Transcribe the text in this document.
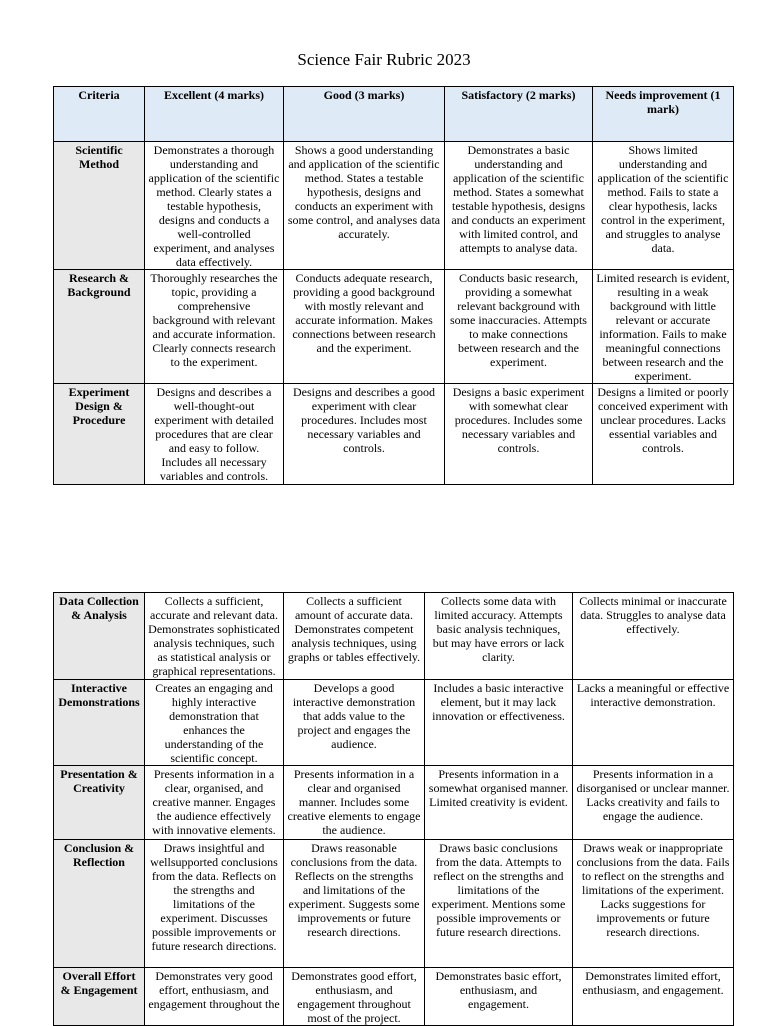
Science Fair Rubric 2023
Criteria	Excellent (4 marks)	Good (3 marks)	Satisfactory (2 marks)	Needs improvement (1 mark)
Scientific Method	Demonstrates a thorough understanding and application of the scientific method. Clearly states a testable hypothesis, designs and conducts a well-controlled experiment, and analyses data effectively.	Shows a good understanding and application of the scientific method. States a testable hypothesis, designs and conducts an experiment with some control, and analyses data accurately.	Demonstrates a basic understanding and application of the scientific method. States a somewhat testable hypothesis, designs and conducts an experiment with limited control, and attempts to analyse data.	Shows limited understanding and application of the scientific method. Fails to state a clear hypothesis, lacks control in the experiment, and struggles to analyse data.
Research & Background	Thoroughly researches the topic, providing a comprehensive background with relevant and accurate information. Clearly connects research to the experiment.	Conducts adequate research, providing a good background with mostly relevant and accurate information. Makes connections between research and the experiment.	Conducts basic research, providing a somewhat relevant background with some inaccuracies. Attempts to make connections between research and the experiment.	Limited research is evident, resulting in a weak background with little relevant or accurate information. Fails to make meaningful connections between research and the experiment.
Experiment Design & Procedure	Designs and describes a well-thought-out experiment with detailed procedures that are clear and easy to follow. Includes all necessary variables and controls.	Designs and describes a good experiment with clear procedures. Includes most necessary variables and controls.	Designs a basic experiment with somewhat clear procedures. Includes some necessary variables and controls.	Designs a limited or poorly conceived experiment with unclear procedures. Lacks essential variables and controls.
Data Collection & Analysis	Collects a sufficient, accurate and relevant data. Demonstrates sophisticated analysis techniques, such as statistical analysis or graphical representations.	Collects a sufficient amount of accurate data. Demonstrates competent analysis techniques, using graphs or tables effectively.	Collects some data with limited accuracy. Attempts basic analysis techniques, but may have errors or lack clarity.	Collects minimal or inaccurate data. Struggles to analyse data effectively.
Interactive Demonstrations	Creates an engaging and highly interactive demonstration that enhances the understanding of the scientific concept.	Develops a good interactive demonstration that adds value to the project and engages the audience.	Includes a basic interactive element, but it may lack innovation or effectiveness.	Lacks a meaningful or effective interactive demonstration.
Presentation & Creativity	Presents information in a clear, organised, and creative manner. Engages the audience effectively with innovative elements.	Presents information in a clear and organised manner. Includes some creative elements to engage the audience.	Presents information in a somewhat organised manner. Limited creativity is evident.	Presents information in a disorganised or unclear manner. Lacks creativity and fails to engage the audience.
Conclusion & Reflection	Draws insightful and wellsupported conclusions from the data. Reflects on the strengths and limitations of the experiment. Discusses possible improvements or future research directions.	Draws reasonable conclusions from the data. Reflects on the strengths and limitations of the experiment. Suggests some improvements or future research directions.	Draws basic conclusions from the data. Attempts to reflect on the strengths and limitations of the experiment. Mentions some possible improvements or future research directions.	Draws weak or inappropriate conclusions from the data. Fails to reflect on the strengths and limitations of the experiment. Lacks suggestions for improvements or future research directions.
Overall Effort & Engagement	Demonstrates very good effort, enthusiasm, and engagement throughout the	Demonstrates good effort, enthusiasm, and engagement throughout most of the project.	Demonstrates basic effort, enthusiasm, and engagement.	Demonstrates limited effort, enthusiasm, and engagement.
